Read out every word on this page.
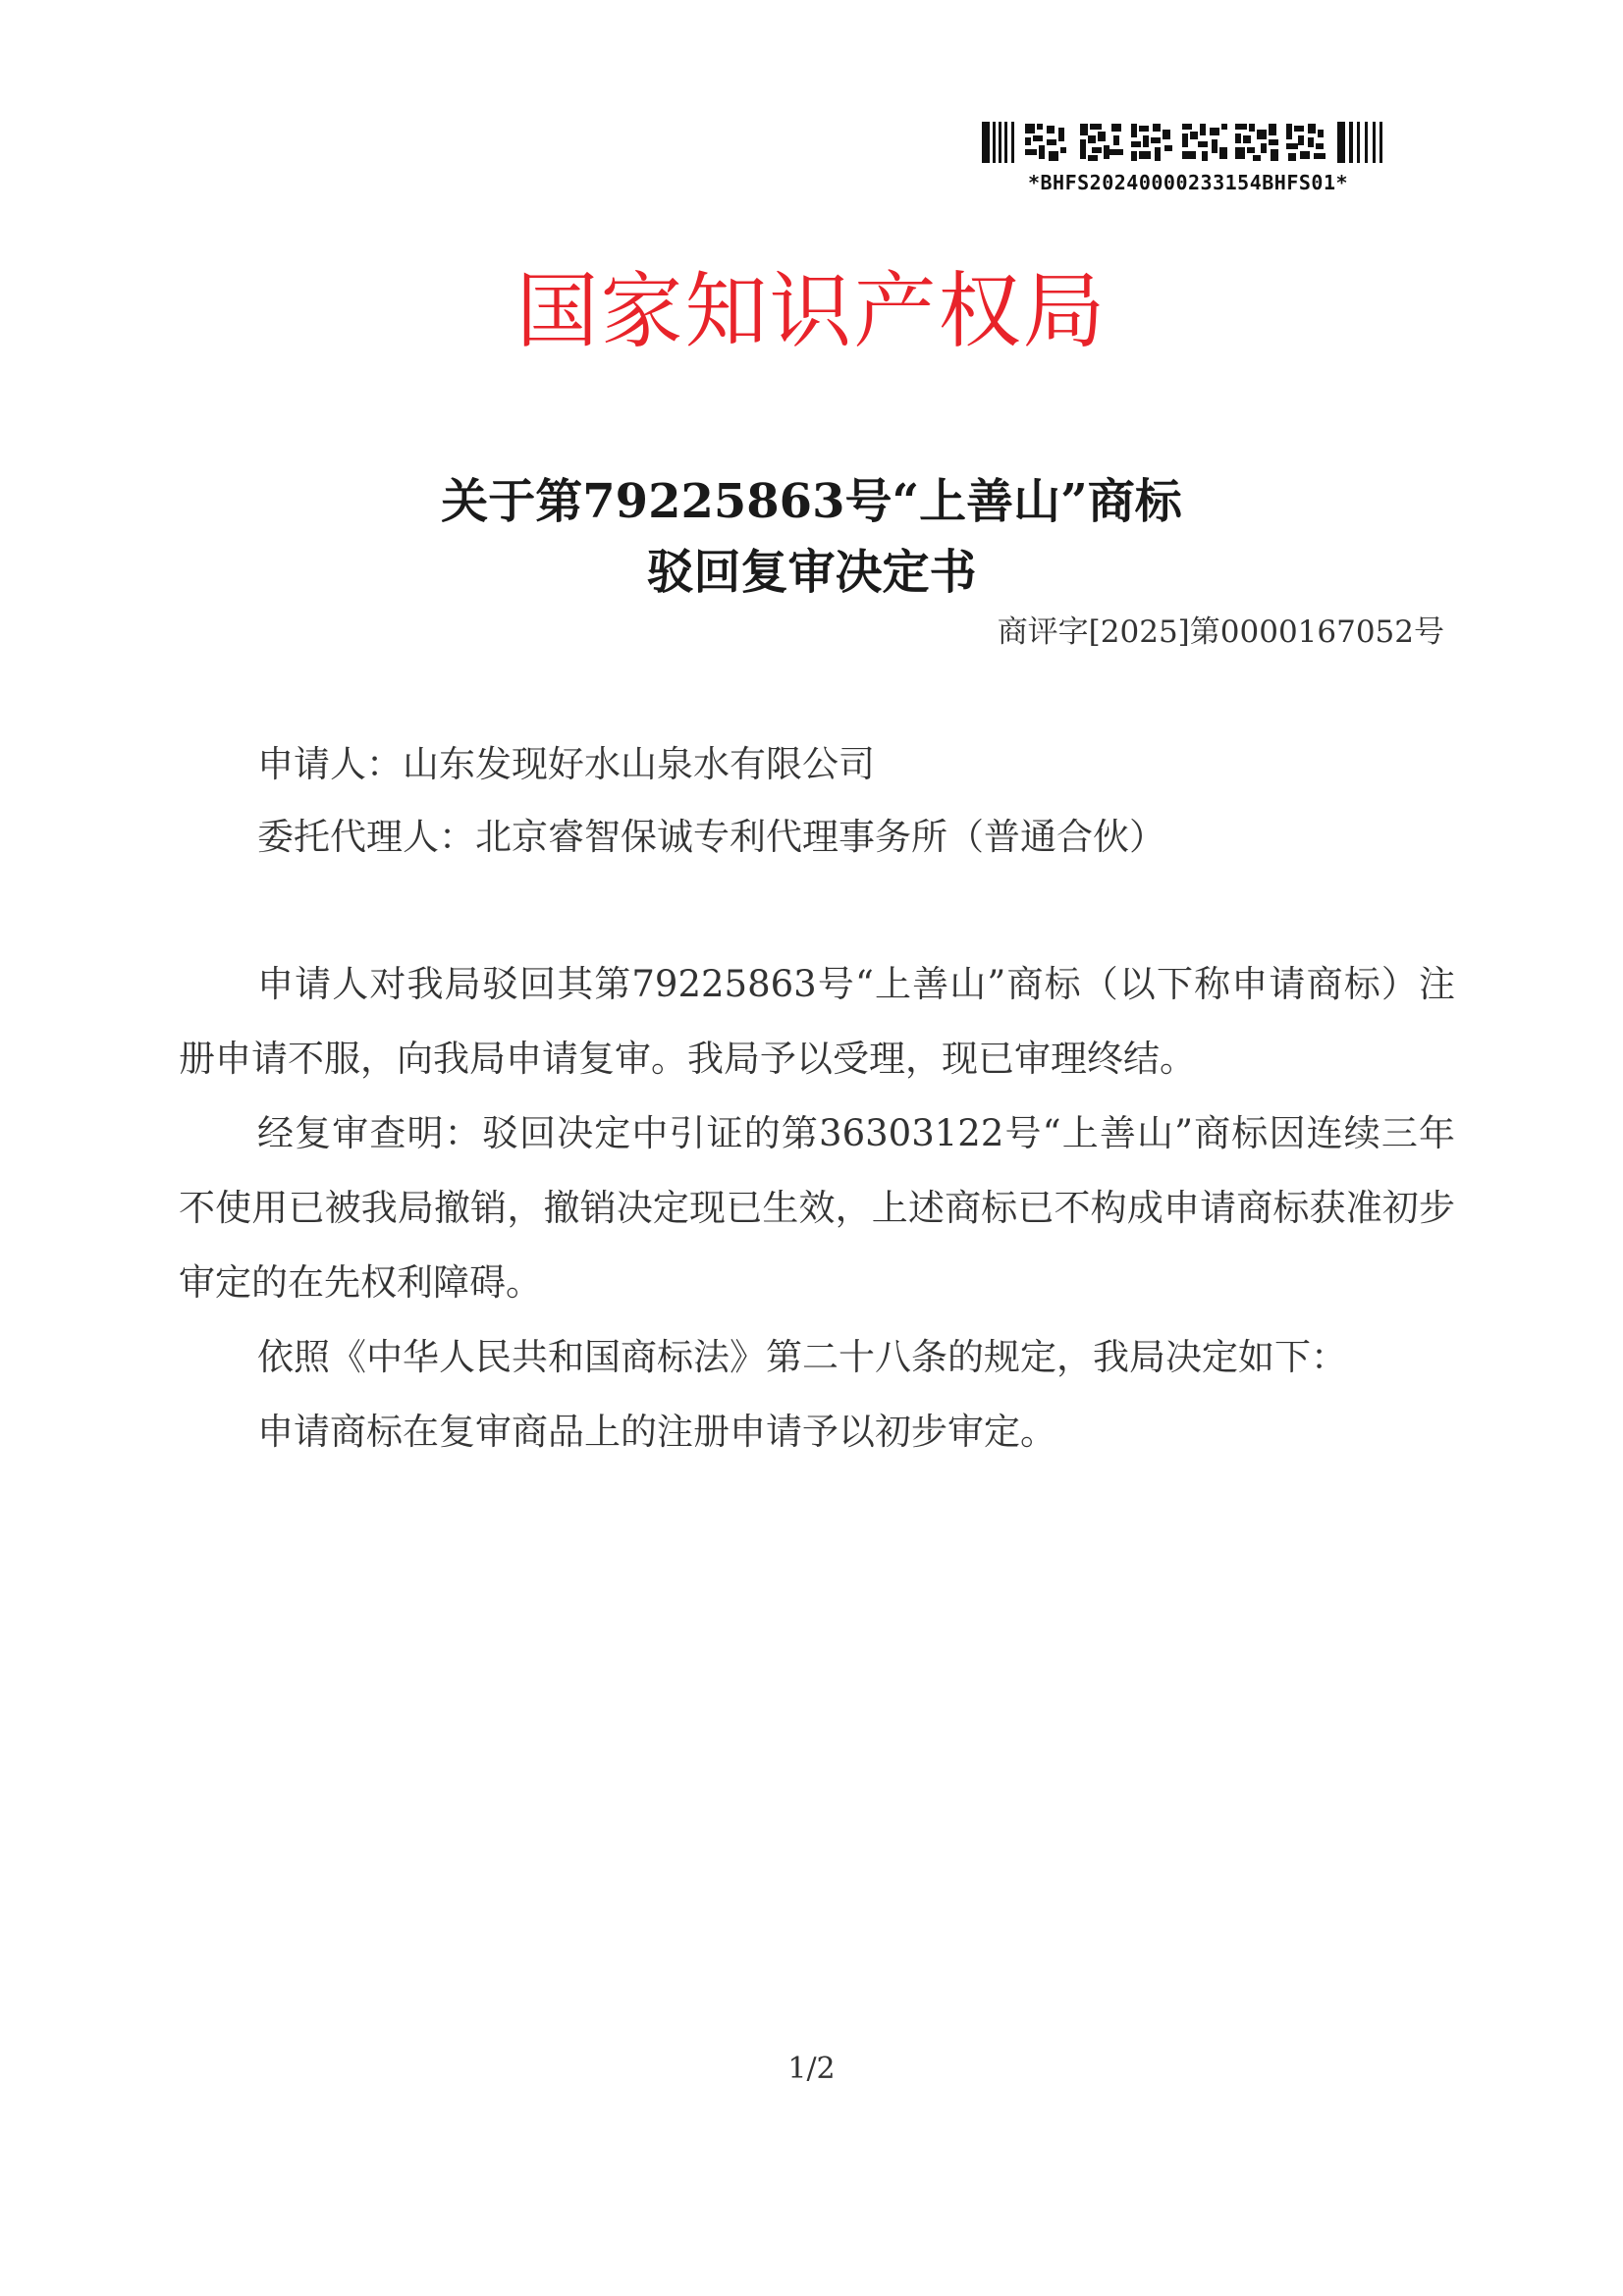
*BHFS20240000233154BHFS01*
国家知识产权局
关于第79225863号“上善山”商标
驳回复审决定书
商评字[2025]第0000167052号
申请人：山东发现好水山泉水有限公司
委托代理人：北京睿智保诚专利代理事务所（普通合伙）

申请人对我局驳回其第79225863号“上善山”商标（以下称申请商标）注册申请不服，向我局申请复审。我局予以受理，现已审理终结。

经复审查明：驳回决定中引证的第36303122号“上善山”商标因连续三年不使用已被我局撤销，撤销决定现已生效，上述商标已不构成申请商标获准初步审定的在先权利障碍。

依照《中华人民共和国商标法》第二十八条的规定，我局决定如下：

申请商标在复审商品上的注册申请予以初步审定。

1/2
